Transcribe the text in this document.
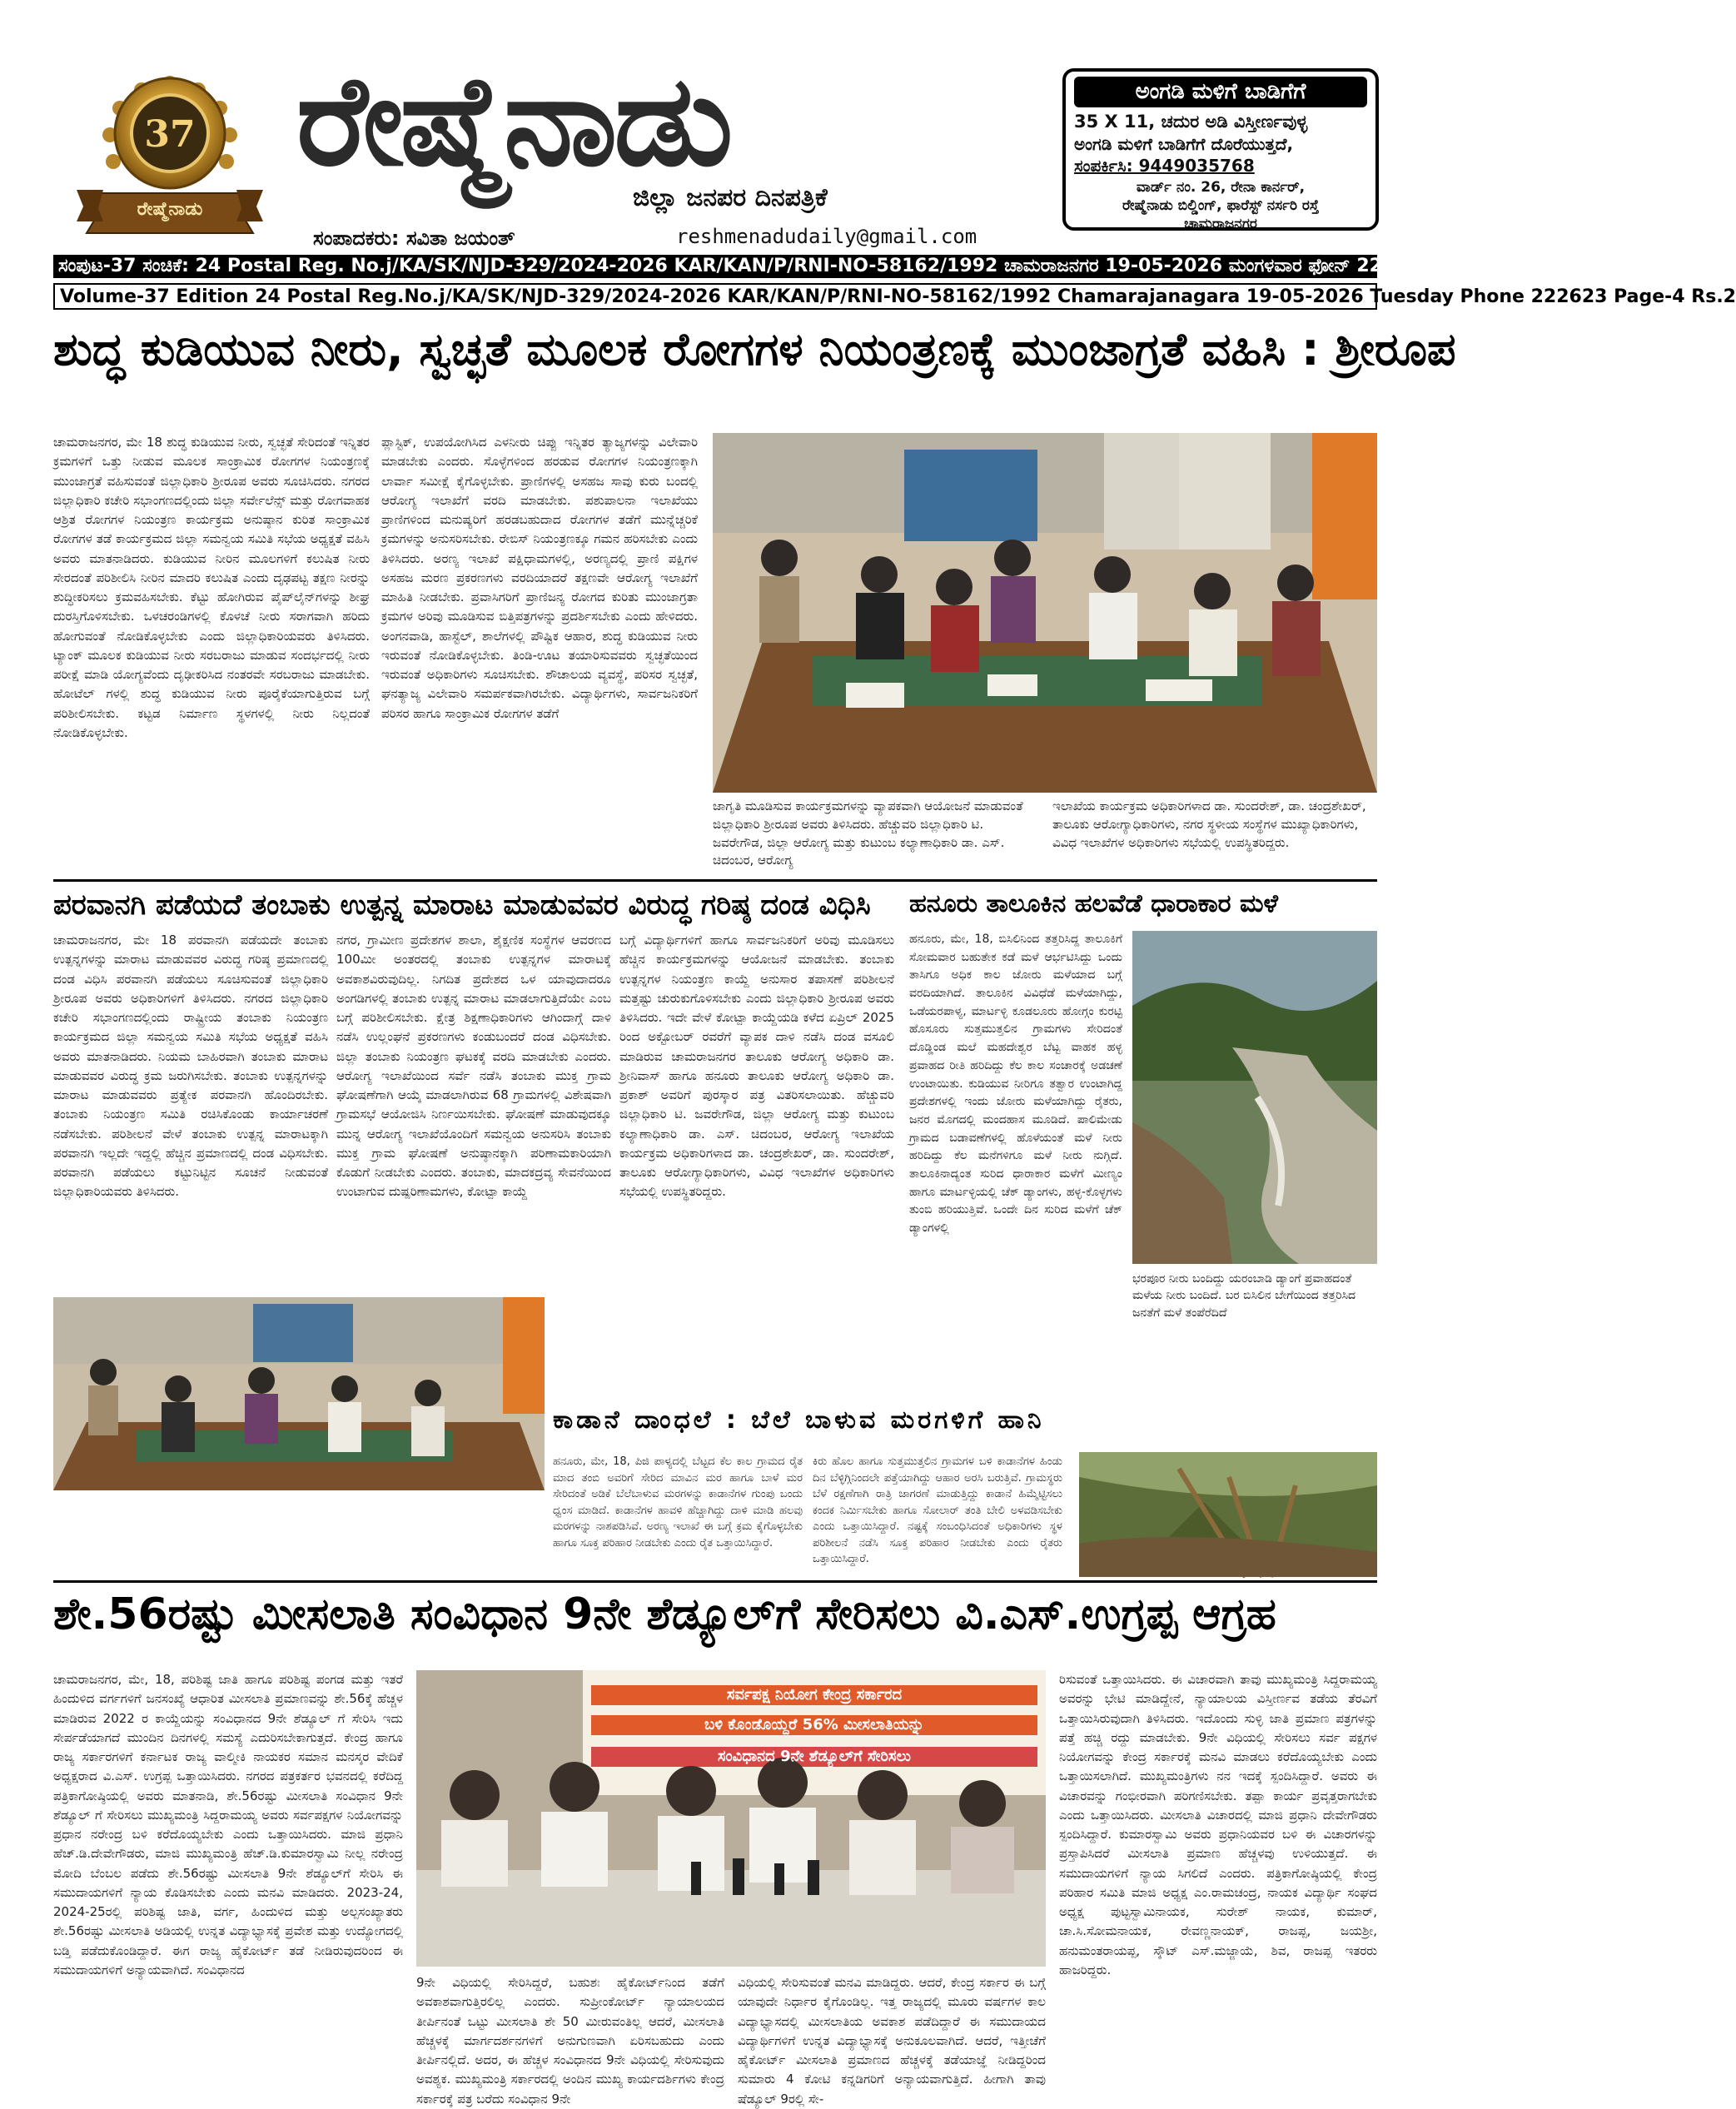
37
ರೇಷ್ಮೆನಾಡು
ರೇಷ್ಮೆನಾಡು
ಜಿಲ್ಲಾ ಜನಪರ ದಿನಪತ್ರಿಕೆ
ಸಂಪಾದಕರು: ಸವಿತಾ ಜಯಂತ್	reshmenadudaily@gmail.com
ಅಂಗಡಿ ಮಳಿಗೆ ಬಾಡಿಗೆಗೆ
35 X 11, ಚದುರ ಅಡಿ ವಿಸ್ತೀರ್ಣವುಳ್ಳ
ಅಂಗಡಿ ಮಳಿಗೆ ಬಾಡಿಗೆಗೆ ದೊರೆಯುತ್ತದೆ,
ಸಂಪರ್ಕಿಸಿ: 9449035768
ವಾರ್ಡ್ ನಂ. 26, ರೇನಾ ಕಾರ್ನರ್,
ರೇಷ್ಮೆನಾಡು ಬಿಲ್ಡಿಂಗ್, ಫಾರೆಸ್ಟ್ ನರ್ಸರಿ ರಸ್ತೆ
ಚಾಮರಾಜನಗರ
ಸಂಪುಟ-37 ಸಂಚಿಕೆ: 24 Postal Reg. No.j/KA/SK/NJD-329/2024-2026 KAR/KAN/P/RNI-NO-58162/1992 ಚಾಮರಾಜನಗರ 19-05-2026 ಮಂಗಳವಾರ ಫೋನ್ 222623, ಪುಟ-4 ರೂ. 2
Volume-37 Edition 24 Postal Reg.No.j/KA/SK/NJD-329/2024-2026 KAR/KAN/P/RNI-NO-58162/1992 Chamarajanagara 19-05-2026 Tuesday Phone 222623 Page-4 Rs.2
ಶುದ್ಧ ಕುಡಿಯುವ ನೀರು, ಸ್ವಚ್ಛತೆ ಮೂಲಕ ರೋಗಗಳ ನಿಯಂತ್ರಣಕ್ಕೆ ಮುಂಜಾಗ್ರತೆ ವಹಿಸಿ : ಶ್ರೀರೂಪ
ಚಾಮರಾಜನಗರ, ಮೇ 18 ಶುದ್ಧ ಕುಡಿಯುವ ನೀರು, ಸ್ವಚ್ಛತೆ ಸೇರಿದಂತೆ ಇನ್ನಿತರ ಕ್ರಮಗಳಿಗೆ ಒತ್ತು ನೀಡುವ ಮೂಲಕ ಸಾಂಕ್ರಾಮಿಕ ರೋಗಗಳ ನಿಯಂತ್ರಣಕ್ಕೆ ಮುಂಜಾಗ್ರತೆ ವಹಿಸುವಂತೆ ಜಿಲ್ಲಾಧಿಕಾರಿ ಶ್ರೀರೂಪ ಅವರು ಸೂಚಿಸಿದರು. ನಗರದ ಜಿಲ್ಲಾಧಿಕಾರಿ ಕಚೇರಿ ಸಭಾಂಗಣದಲ್ಲಿಂದು ಜಿಲ್ಲಾ ಸರ್ವೇಲೆನ್ಸ್ ಮತ್ತು ರೋಗವಾಹಕ ಆಶ್ರಿತ ರೋಗಗಳ ನಿಯಂತ್ರಣ ಕಾರ್ಯಕ್ರಮ ಅನುಷ್ಠಾನ ಕುರಿತ ಸಾಂಕ್ರಾಮಿಕ ರೋಗಗಳ ತಡೆ ಕಾರ್ಯಕ್ರಮದ ಜಿಲ್ಲಾ ಸಮನ್ವಯ ಸಮಿತಿ ಸಭೆಯ ಅಧ್ಯಕ್ಷತೆ ವಹಿಸಿ ಅವರು ಮಾತನಾಡಿದರು. ಕುಡಿಯುವ ನೀರಿನ ಮೂಲಗಳಿಗೆ ಕಲುಷಿತ ನೀರು ಸೇರದಂತೆ ಪರಿಶೀಲಿಸಿ ನೀರಿನ ಮಾದರಿ ಕಲುಷಿತ ಎಂದು ದೃಢಪಟ್ಟ ತಕ್ಷಣ ನೀರನ್ನು ಶುದ್ಧೀಕರಿಸಲು ಕ್ರಮವಹಿಸಬೇಕು. ಕೆಟ್ಟು ಹೋಗಿರುವ ಪೈಪ್‌ಲೈನ್‌ಗಳನ್ನು ಶೀಘ್ರ ದುರಸ್ತಿಗೊಳಿಸಬೇಕು. ಒಳಚರಂಡಿಗಳಲ್ಲಿ ಕೊಳಚೆ ನೀರು ಸರಾಗವಾಗಿ ಹರಿದು ಹೋಗುವಂತೆ ನೋಡಿಕೊಳ್ಳಬೇಕು ಎಂದು ಜಿಲ್ಲಾಧಿಕಾರಿಯವರು ತಿಳಿಸಿದರು. ಟ್ಯಾಂಕ್ ಮೂಲಕ ಕುಡಿಯುವ ನೀರು ಸರಬರಾಜು ಮಾಡುವ ಸಂದರ್ಭದಲ್ಲಿ ನೀರು ಪರೀಕ್ಷೆ ಮಾಡಿ ಯೋಗ್ಯವೆಂದು ದೃಢೀಕರಿಸಿದ ನಂತರವೇ ಸರಬರಾಜು ಮಾಡಬೇಕು. ಹೋಟೆಲ್ ಗಳಲ್ಲಿ ಶುದ್ಧ ಕುಡಿಯುವ ನೀರು ಪೂರೈಕೆಯಾಗುತ್ತಿರುವ ಬಗ್ಗೆ ಪರಿಶೀಲಿಸಬೇಕು. ಕಟ್ಟಡ ನಿರ್ಮಾಣ ಸ್ಥಳಗಳಲ್ಲಿ ನೀರು ನಿಲ್ಲದಂತೆ ನೋಡಿಕೊಳ್ಳಬೇಕು.
ಪ್ಲಾಸ್ಟಿಕ್, ಉಪಯೋಗಿಸಿದ ಎಳನೀರು ಚಿಪ್ಪು ಇನ್ನಿತರ ತ್ಯಾಜ್ಯಗಳನ್ನು ವಿಲೇವಾರಿ ಮಾಡಬೇಕು ಎಂದರು. ಸೊಳ್ಳೆಗಳಿಂದ ಹರಡುವ ರೋಗಗಳ ನಿಯಂತ್ರಣಕ್ಕಾಗಿ ಲಾರ್ವಾ ಸಮೀಕ್ಷೆ ಕೈಗೊಳ್ಳಬೇಕು. ಪ್ರಾಣಿಗಳಲ್ಲಿ ಅಸಹಜ ಸಾವು ಕುರು ಬಂದಲ್ಲಿ ಆರೋಗ್ಯ ಇಲಾಖೆಗೆ ವರದಿ ಮಾಡಬೇಕು. ಪಶುಪಾಲನಾ ಇಲಾಖೆಯು ಪ್ರಾಣಿಗಳಿಂದ ಮನುಷ್ಯರಿಗೆ ಹರಡಬಹುದಾದ ರೋಗಗಳ ತಡೆಗೆ ಮುನ್ನೆಚ್ಚರಿಕೆ ಕ್ರಮಗಳನ್ನು ಅನುಸರಿಸಬೇಕು. ರೇಬಿಸ್ ನಿಯಂತ್ರಣಕ್ಕೂ ಗಮನ ಹರಿಸಬೇಕು ಎಂದು ತಿಳಿಸಿದರು. ಅರಣ್ಯ ಇಲಾಖೆ ಪಕ್ಷಿಧಾಮಗಳಲ್ಲಿ, ಅರಣ್ಯದಲ್ಲಿ ಪ್ರಾಣಿ ಪಕ್ಷಿಗಳ ಅಸಹಜ ಮರಣ ಪ್ರಕರಣಗಳು ವರದಿಯಾದರೆ ತಕ್ಷಣವೇ ಆರೋಗ್ಯ ಇಲಾಖೆಗೆ ಮಾಹಿತಿ ನೀಡಬೇಕು. ಪ್ರವಾಸಿಗರಿಗೆ ಪ್ರಾಣಿಜನ್ಯ ರೋಗದ ಕುರಿತು ಮುಂಜಾಗ್ರತಾ ಕ್ರಮಗಳ ಅರಿವು ಮೂಡಿಸುವ ಬಿತ್ತಿಪತ್ರಗಳನ್ನು ಪ್ರದರ್ಶಿಸಬೇಕು ಎಂದು ಹೇಳಿದರು. ಅಂಗನವಾಡಿ, ಹಾಸ್ಟೆಲ್, ಶಾಲೆಗಳಲ್ಲಿ ಪೌಷ್ಟಿಕ ಆಹಾರ, ಶುದ್ಧ ಕುಡಿಯುವ ನೀರು ಇರುವಂತೆ ನೋಡಿಕೊಳ್ಳಬೇಕು. ತಿಂಡಿ-ಊಟ ತಯಾರಿಸುವವರು ಸ್ವಚ್ಛತೆಯಿಂದ ಇರುವಂತೆ ಅಧಿಕಾರಿಗಳು ಸೂಚಿಸಬೇಕು. ಶೌಚಾಲಯ ವ್ಯವಸ್ಥೆ, ಪರಿಸರ ಸ್ವಚ್ಛತೆ, ಘನತ್ಯಾಜ್ಯ ವಿಲೇವಾರಿ ಸಮರ್ಪಕವಾಗಿರಬೇಕು. ವಿದ್ಯಾರ್ಥಿಗಳು, ಸಾರ್ವಜನಿಕರಿಗೆ ಪರಿಸರ ಹಾಗೂ ಸಾಂಕ್ರಾಮಿಕ ರೋಗಗಳ ತಡೆಗೆ
ಜಾಗೃತಿ ಮೂಡಿಸುವ ಕಾರ್ಯಕ್ರಮಗಳನ್ನು ವ್ಯಾಪಕವಾಗಿ ಆಯೋಜನೆ ಮಾಡುವಂತೆ ಜಿಲ್ಲಾಧಿಕಾರಿ ಶ್ರೀರೂಪ ಅವರು ತಿಳಿಸಿದರು. ಹೆಚ್ಚುವರಿ ಜಿಲ್ಲಾಧಿಕಾರಿ ಟಿ. ಜವರೇಗೌಡ, ಜಿಲ್ಲಾ ಆರೋಗ್ಯ ಮತ್ತು ಕುಟುಂಬ ಕಲ್ಯಾಣಾಧಿಕಾರಿ ಡಾ. ಎಸ್. ಚಿದಂಬರ, ಆರೋಗ್ಯ
ಇಲಾಖೆಯ ಕಾರ್ಯಕ್ರಮ ಅಧಿಕಾರಿಗಳಾದ ಡಾ. ಸುಂದರೇಶ್, ಡಾ. ಚಂದ್ರಶೇಖರ್, ತಾಲೂಕು ಆರೋಗ್ಯಾಧಿಕಾರಿಗಳು, ನಗರ ಸ್ಥಳೀಯ ಸಂಸ್ಥೆಗಳ ಮುಖ್ಯಾಧಿಕಾರಿಗಳು, ವಿವಿಧ ಇಲಾಖೆಗಳ ಅಧಿಕಾರಿಗಳು ಸಭೆಯಲ್ಲಿ ಉಪಸ್ಥಿತರಿದ್ದರು.
ಪರವಾನಗಿ ಪಡೆಯದೆ ತಂಬಾಕು ಉತ್ಪನ್ನ ಮಾರಾಟ ಮಾಡುವವರ ವಿರುದ್ಧ ಗರಿಷ್ಠ ದಂಡ ವಿಧಿಸಿ
ಚಾಮರಾಜನಗರ, ಮೇ 18 ಪರವಾನಗಿ ಪಡೆಯದೇ ತಂಬಾಕು ಉತ್ಪನ್ನಗಳನ್ನು ಮಾರಾಟ ಮಾಡುವವರ ವಿರುದ್ಧ ಗರಿಷ್ಠ ಪ್ರಮಾಣದಲ್ಲಿ ದಂಡ ವಿಧಿಸಿ ಪರವಾನಗಿ ಪಡೆಯಲು ಸೂಚಿಸುವಂತೆ ಜಿಲ್ಲಾಧಿಕಾರಿ ಶ್ರೀರೂಪ ಅವರು ಅಧಿಕಾರಿಗಳಿಗೆ ತಿಳಿಸಿದರು. ನಗರದ ಜಿಲ್ಲಾಧಿಕಾರಿ ಕಚೇರಿ ಸಭಾಂಗಣದಲ್ಲಿಂದು ರಾಷ್ಟ್ರೀಯ ತಂಬಾಕು ನಿಯಂತ್ರಣ ಕಾರ್ಯಕ್ರಮದ ಜಿಲ್ಲಾ ಸಮನ್ವಯ ಸಮಿತಿ ಸಭೆಯ ಅಧ್ಯಕ್ಷತೆ ವಹಿಸಿ ಅವರು ಮಾತನಾಡಿದರು. ನಿಯಮ ಬಾಹಿರವಾಗಿ ತಂಬಾಕು ಮಾರಾಟ ಮಾಡುವವರ ವಿರುದ್ಧ ಕ್ರಮ ಜರುಗಿಸಬೇಕು. ತಂಬಾಕು ಉತ್ಪನ್ನಗಳನ್ನು ಮಾರಾಟ ಮಾಡುವವರು ಪ್ರತ್ಯೇಕ ಪರವಾನಗಿ ಹೊಂದಿರಬೇಕು. ತಂಬಾಕು ನಿಯಂತ್ರಣ ಸಮಿತಿ ರಚಿಸಿಕೊಂಡು ಕಾರ್ಯಾಚರಣೆ ನಡೆಸಬೇಕು. ಪರಿಶೀಲನೆ ವೇಳೆ ತಂಬಾಕು ಉತ್ಪನ್ನ ಮಾರಾಟಕ್ಕಾಗಿ ಪರವಾನಗಿ ಇಲ್ಲದೇ ಇದ್ದಲ್ಲಿ ಹೆಚ್ಚಿನ ಪ್ರಮಾಣದಲ್ಲಿ ದಂಡ ವಿಧಿಸಬೇಕು. ಪರವಾನಗಿ ಪಡೆಯಲು ಕಟ್ಟುನಿಟ್ಟಿನ ಸೂಚನೆ ನೀಡುವಂತೆ ಜಿಲ್ಲಾಧಿಕಾರಿಯವರು ತಿಳಿಸಿದರು.
ನಗರ, ಗ್ರಾಮೀಣ ಪ್ರದೇಶಗಳ ಶಾಲಾ, ಶೈಕ್ಷಣಿಕ ಸಂಸ್ಥೆಗಳ ಆವರಣದ 100ಮೀ ಅಂತರದಲ್ಲಿ ತಂಬಾಕು ಉತ್ಪನ್ನಗಳ ಮಾರಾಟಕ್ಕೆ ಅವಕಾಶವಿರುವುದಿಲ್ಲ. ನಿಗದಿತ ಪ್ರದೇಶದ ಒಳ ಯಾವುದಾದರೂ ಅಂಗಡಿಗಳಲ್ಲಿ ತಂಬಾಕು ಉತ್ಪನ್ನ ಮಾರಾಟ ಮಾಡಲಾಗುತ್ತಿದೆಯೇ ಎಂಬ ಬಗ್ಗೆ ಪರಿಶೀಲಿಸಬೇಕು. ಕ್ಷೇತ್ರ ಶಿಕ್ಷಣಾಧಿಕಾರಿಗಳು ಆಗಿಂದಾಗ್ಗೆ ದಾಳಿ ನಡೆಸಿ ಉಲ್ಲಂಘನೆ ಪ್ರಕರಣಗಳು ಕಂಡುಬಂದರೆ ದಂಡ ವಿಧಿಸಬೇಕು. ಜಿಲ್ಲಾ ತಂಬಾಕು ನಿಯಂತ್ರಣ ಘಟಕಕ್ಕೆ ವರದಿ ಮಾಡಬೇಕು ಎಂದರು. ಆರೋಗ್ಯ ಇಲಾಖೆಯಿಂದ ಸರ್ವೆ ನಡೆಸಿ ತಂಬಾಕು ಮುಕ್ತ ಗ್ರಾಮ ಘೋಷಣೆಗಾಗಿ ಆಯ್ಕೆ ಮಾಡಲಾಗಿರುವ 68 ಗ್ರಾಮಗಳಲ್ಲಿ ವಿಶೇಷವಾಗಿ ಗ್ರಾಮಸಭೆ ಆಯೋಜಿಸಿ ನಿರ್ಣಯಿಸಬೇಕು. ಘೋಷಣೆ ಮಾಡುವುದಕ್ಕೂ ಮುನ್ನ ಆರೋಗ್ಯ ಇಲಾಖೆಯೊಂದಿಗೆ ಸಮನ್ವಯ ಅನುಸರಿಸಿ ತಂಬಾಕು ಮುಕ್ತ ಗ್ರಾಮ ಘೋಷಣೆ ಅನುಷ್ಠಾನಕ್ಕಾಗಿ ಪರಿಣಾಮಕಾರಿಯಾಗಿ ಕೊಡುಗೆ ನೀಡಬೇಕು ಎಂದರು. ತಂಬಾಕು, ಮಾದಕದ್ರವ್ಯ ಸೇವನೆಯಿಂದ ಉಂಟಾಗುವ ದುಷ್ಪರಿಣಾಮಗಳು, ಕೋಟ್ಪಾ ಕಾಯ್ದೆ
ಬಗ್ಗೆ ವಿದ್ಯಾರ್ಥಿಗಳಿಗೆ ಹಾಗೂ ಸಾರ್ವಜನಿಕರಿಗೆ ಅರಿವು ಮೂಡಿಸಲು ಹೆಚ್ಚಿನ ಕಾರ್ಯಕ್ರಮಗಳನ್ನು ಆಯೋಜನೆ ಮಾಡಬೇಕು. ತಂಬಾಕು ಉತ್ಪನ್ನಗಳ ನಿಯಂತ್ರಣ ಕಾಯ್ದೆ ಅನುಸಾರ ತಪಾಸಣೆ ಪರಿಶೀಲನೆ ಮತ್ತಷ್ಟು ಚುರುಕುಗೊಳಿಸಬೇಕು ಎಂದು ಜಿಲ್ಲಾಧಿಕಾರಿ ಶ್ರೀರೂಪ ಅವರು ತಿಳಿಸಿದರು. ಇದೇ ವೇಳೆ ಕೋಟ್ಪಾ ಕಾಯ್ದೆಯಡಿ ಕಳೆದ ಏಪ್ರಿಲ್ 2025 ರಿಂದ ಅಕ್ಟೋಬರ್ ರವರೆಗೆ ವ್ಯಾಪಕ ದಾಳಿ ನಡೆಸಿ ದಂಡ ವಸೂಲಿ ಮಾಡಿರುವ ಚಾಮರಾಜನಗರ ತಾಲೂಕು ಆರೋಗ್ಯ ಅಧಿಕಾರಿ ಡಾ. ಶ್ರೀನಿವಾಸ್ ಹಾಗೂ ಹನೂರು ತಾಲೂಕು ಆರೋಗ್ಯ ಅಧಿಕಾರಿ ಡಾ. ಪ್ರಕಾಶ್ ಅವರಿಗೆ ಪುರಸ್ಕಾರ ಪತ್ರ ವಿತರಿಸಲಾಯಿತು. ಹೆಚ್ಚುವರಿ ಜಿಲ್ಲಾಧಿಕಾರಿ ಟಿ. ಜವರೇಗೌಡ, ಜಿಲ್ಲಾ ಆರೋಗ್ಯ ಮತ್ತು ಕುಟುಂಬ ಕಲ್ಯಾಣಾಧಿಕಾರಿ ಡಾ. ಎಸ್. ಚಿದಂಬರ, ಆರೋಗ್ಯ ಇಲಾಖೆಯ ಕಾರ್ಯಕ್ರಮ ಅಧಿಕಾರಿಗಳಾದ ಡಾ. ಚಂದ್ರಶೇಖರ್, ಡಾ. ಸುಂದರೇಶ್, ತಾಲೂಕು ಆರೋಗ್ಯಾಧಿಕಾರಿಗಳು, ವಿವಿಧ ಇಲಾಖೆಗಳ ಅಧಿಕಾರಿಗಳು ಸಭೆಯಲ್ಲಿ ಉಪಸ್ಥಿತರಿದ್ದರು.
ಹನೂರು ತಾಲೂಕಿನ ಹಲವೆಡೆ ಧಾರಾಕಾರ ಮಳೆ
ಹನೂರು, ಮೇ, 18, ಬಿಸಿಲಿನಿಂದ ತತ್ತರಿಸಿದ್ದ ತಾಲೂಕಿಗೆ ಸೋಮವಾರ ಬಹುತೇಕ ಕಡೆ ಮಳೆ ಆರ್ಭಟಿಸಿದ್ದು ಒಂದು ತಾಸಿಗೂ ಅಧಿಕ ಕಾಲ ಜೋರು ಮಳೆಯಾದ ಬಗ್ಗೆ ವರದಿಯಾಗಿದೆ. ತಾಲೂಕಿನ ವಿವಿಧೆಡೆ ಮಳೆಯಾಗಿದ್ದು, ಒಡೆಯರಪಾಳ್ಯ, ಮಾರ್ಟಳ್ಳಿ ಕೂಡಲೂರು ಹೋಗ್ಗಂ ಕುರಟ್ಟಿ ಹೊಸೂರು ಸುತ್ತಮುತ್ತಲಿನ ಗ್ರಾಮಗಳು ಸೇರಿದಂತೆ ದೊಡ್ಡಿಂಡ ಮಲೆ ಮಹದೇಶ್ವರ ಬೆಟ್ಟ ವಾಹಕ ಹಳ್ಳ ಪ್ರವಾಹದ ರೀತಿ ಹರಿದಿದ್ದು ಕೆಲ ಕಾಲ ಸಂಚಾರಕ್ಕೆ ಅಡಚಣೆ ಉಂಟಾಯಿತು. ಕುಡಿಯುವ ನೀರಿಗೂ ತತ್ವಾರ ಉಂಟಾಗಿದ್ದ ಪ್ರದೇಶಗಳಲ್ಲಿ ಇಂದು ಜೋರು ಮಳೆಯಾಗಿದ್ದು ರೈತರು, ಜನರ ಮೊಗದಲ್ಲಿ ಮಂದಹಾಸ ಮೂಡಿದೆ. ಪಾಲಿಮೇಡು ಗ್ರಾಮದ ಬಡಾವಣೆಗಳಲ್ಲಿ ಹೊಳೆಯಂತೆ ಮಳೆ ನೀರು ಹರಿದಿದ್ದು ಕೆಲ ಮನೆಗಳಿಗೂ ಮಳೆ ನೀರು ನುಗ್ಗಿದೆ. ತಾಲೂಕಿನಾದ್ಯಂತ ಸುರಿದ ಧಾರಾಕಾರ ಮಳೆಗೆ ಮೀಣ್ಯಂ ಹಾಗೂ ಮಾರ್ಟಳ್ಳಿಯಲ್ಲಿ ಚೆಕ್ ಡ್ಯಾಂಗಳು, ಹಳ್ಳ-ಕೊಳ್ಳಗಳು ತುಂಬಿ ಹರಿಯುತ್ತಿವೆ. ಒಂದೇ ದಿನ ಸುರಿದ ಮಳೆಗೆ ಚೆಕ್ ಡ್ಯಾಂಗಳಲ್ಲಿ
ಭರಪೂರ ನೀರು ಬಂದಿದ್ದು ಯರಂಬಾಡಿ ಡ್ಯಾಂಗೆ ಪ್ರವಾಹದಂತೆ ಮಳೆಯ ನೀರು ಬಂದಿದೆ. ಬರ ಬಿಸಿಲಿನ ಬೇಗೆಯಿಂದ ತತ್ತರಿಸಿದ ಜನತೆಗೆ ಮಳೆ ತಂಪೆರೆದಿದೆ
ಕಾಡಾನೆ ದಾಂಧಲೆ : ಬೆಲೆ ಬಾಳುವ ಮರಗಳಿಗೆ ಹಾನಿ
ಹನೂರು, ಮೇ, 18, ಪಿಜಿ ಪಾಳ್ಯದಲ್ಲಿ ಬೆಟ್ಟದ ಕೆಲ ಕಾಲ ಗ್ರಾಮದ ರೈತ ಮಾದ ತಂಬಿ ಅವರಿಗೆ ಸೇರಿದ ಮಾವಿನ ಮರ ಹಾಗೂ ಬಾಳೆ ಮರ ಸೇರಿದಂತೆ ಅಡಿಕೆ ಬೆಲೆಬಾಳುವ ಮರಗಳನ್ನು ಕಾಡಾನೆಗಳ ಗುಂಪು ಬಂದು ಧ್ವಂಸ ಮಾಡಿದೆ. ಕಾಡಾನೆಗಳ ಹಾವಳಿ ಹೆಚ್ಚಾಗಿದ್ದು ದಾಳಿ ಮಾಡಿ ಹಲವು ಮರಗಳನ್ನು ನಾಶಪಡಿಸಿವೆ. ಅರಣ್ಯ ಇಲಾಖೆ ಈ ಬಗ್ಗೆ ಕ್ರಮ ಕೈಗೊಳ್ಳಬೇಕು ಹಾಗೂ ಸೂಕ್ತ ಪರಿಹಾರ ನೀಡಬೇಕು ಎಂದು ರೈತ ಒತ್ತಾಯಿಸಿದ್ದಾರೆ.
ಕಿರು ಹೊಲ ಹಾಗೂ ಸುತ್ತಮುತ್ತಲಿನ ಗ್ರಾಮಗಳ ಬಳಿ ಕಾಡಾನೆಗಳ ಹಿಂಡು ದಿನ ಬೆಳ್ಳಿಗ್ಗಿನಿಂದಲೇ ಪತ್ತೆಯಾಗಿದ್ದು ಆಹಾರ ಅರಸಿ ಬರುತ್ತಿವೆ. ಗ್ರಾಮಸ್ಥರು ಬೆಳೆ ರಕ್ಷಣೆಗಾಗಿ ರಾತ್ರಿ ಜಾಗರಣೆ ಮಾಡುತ್ತಿದ್ದು ಕಾಡಾನೆ ಹಿಮ್ಮೆಟ್ಟಿಸಲು ಕಂದಕ ನಿರ್ಮಿಸಬೇಕು ಹಾಗೂ ಸೋಲಾರ್ ತಂತಿ ಬೇಲಿ ಅಳವಡಿಸಬೇಕು ಎಂದು ಒತ್ತಾಯಿಸಿದ್ದಾರೆ. ನಷ್ಟಕ್ಕೆ ಸಂಬಂಧಿಸಿದಂತೆ ಅಧಿಕಾರಿಗಳು ಸ್ಥಳ ಪರಿಶೀಲನೆ ನಡೆಸಿ ಸೂಕ್ತ ಪರಿಹಾರ ನೀಡಬೇಕು ಎಂದು ರೈತರು ಒತ್ತಾಯಿಸಿದ್ದಾರೆ.
ಶೇ.56ರಷ್ಟು ಮೀಸಲಾತಿ ಸಂವಿಧಾನ 9ನೇ ಶೆಡ್ಯೂಲ್‌ಗೆ ಸೇರಿಸಲು ವಿ.ಎಸ್.ಉಗ್ರಪ್ಪ ಆಗ್ರಹ
ಚಾಮರಾಜನಗರ, ಮೇ, 18, ಪರಿಶಿಷ್ಟ ಜಾತಿ ಹಾಗೂ ಪರಿಶಿಷ್ಟ ಪಂಗಡ ಮತ್ತು ಇತರೆ ಹಿಂದುಳಿದ ವರ್ಗಗಳಿಗೆ ಜನಸಂಖ್ಯೆ ಆಧಾರಿತ ಮೀಸಲಾತಿ ಪ್ರಮಾಣವನ್ನು ಶೇ.56ಕ್ಕೆ ಹೆಚ್ಚಳ ಮಾಡಿರುವ 2022 ರ ಕಾಯ್ದೆಯನ್ನು ಸಂವಿಧಾನದ 9ನೇ ಶೆಡ್ಯೂಲ್ ಗೆ ಸೇರಿಸಿ ಇದು ಸೇರ್ಪಡೆಯಾಗದೆ ಮುಂದಿನ ದಿನಗಳಲ್ಲಿ ಸಮಸ್ಯೆ ಎದುರಿಸಬೇಕಾಗುತ್ತದೆ. ಕೇಂದ್ರ ಹಾಗೂ ರಾಜ್ಯ ಸರ್ಕಾರಗಳಿಗೆ ಕರ್ನಾಟಕ ರಾಜ್ಯ ವಾಲ್ಮೀಕಿ ನಾಯಕರ ಸಮಾನ ಮನಸ್ಕರ ವೇದಿಕೆ ಅಧ್ಯಕ್ಷರಾದ ವಿ.ಎಸ್. ಉಗ್ರಪ್ಪ ಒತ್ತಾಯಿಸಿದರು. ನಗರದ ಪತ್ರಕರ್ತರ ಭವನದಲ್ಲಿ ಕರೆದಿದ್ದ ಪತ್ರಿಕಾಗೋಷ್ಠಿಯಲ್ಲಿ ಅವರು ಮಾತನಾಡಿ, ಶೇ.56ರಷ್ಟು ಮೀಸಲಾತಿ ಸಂವಿಧಾನ 9ನೇ ಶೆಡ್ಯೂಲ್ ಗೆ ಸೇರಿಸಲು ಮುಖ್ಯಮಂತ್ರಿ ಸಿದ್ದರಾಮಯ್ಯ ಅವರು ಸರ್ವಪಕ್ಷಗಳ ನಿಯೋಗವನ್ನು ಪ್ರಧಾನ ನರೇಂದ್ರ ಬಳಿ ಕರೆದೊಯ್ಯಬೇಕು ಎಂದು ಒತ್ತಾಯಿಸಿದರು. ಮಾಜಿ ಪ್ರಧಾನಿ ಹೆಚ್.ಡಿ.ದೇವೇಗೌಡರು, ಮಾಜಿ ಮುಖ್ಯಮಂತ್ರಿ ಹೆಚ್.ಡಿ.ಕುಮಾರಸ್ವಾಮಿ ನೀಲ್ಲ ನರೇಂದ್ರ ಮೋದಿ ಬೆಂಬಲ ಪಡೆದು ಶೇ.56ರಷ್ಟು ಮೀಸಲಾತಿ 9ನೇ ಶೆಡ್ಯೂಲ್‌ಗೆ ಸೇರಿಸಿ ಈ ಸಮುದಾಯಗಳಿಗೆ ನ್ಯಾಯ ಕೊಡಿಸಬೇಕು ಎಂದು ಮನವಿ ಮಾಡಿದರು. 2023-24, 2024-25ರಲ್ಲಿ ಪರಿಶಿಷ್ಟ ಜಾತಿ, ವರ್ಗ, ಹಿಂದುಳಿದ ಮತ್ತು ಅಲ್ಪಸಂಖ್ಯಾತರು ಶೇ.56ರಷ್ಟು ಮೀಸಲಾತಿ ಅಡಿಯಲ್ಲಿ ಉನ್ನತ ವಿದ್ಯಾಭ್ಯಾಸಕ್ಕೆ ಪ್ರವೇಶ ಮತ್ತು ಉದ್ಯೋಗದಲ್ಲಿ ಬಡ್ತಿ ಪಡೆದುಕೊಂಡಿದ್ದಾರೆ. ಈಗ ರಾಜ್ಯ ಹೈಕೋರ್ಟ್ ತಡೆ ನೀಡಿರುವುದರಿಂದ ಈ ಸಮುದಾಯಗಳಿಗೆ ಅನ್ಯಾಯವಾಗಿದೆ. ಸಂವಿಧಾನದ
ಸರ್ವಪಕ್ಷ ನಿಯೋಗ ಕೇಂದ್ರ ಸರ್ಕಾರದ
ಬಳಿ ಕೊಂಡೊಯ್ದರೆ 56% ಮೀಸಲಾತಿಯನ್ನು
ಸಂವಿಧಾನದ 9ನೇ ಶೆಡ್ಯೂಲ್‌ಗೆ ಸೇರಿಸಲು
9ನೇ ವಿಧಿಯಲ್ಲಿ ಸೇರಿಸಿದ್ದರೆ, ಬಹುಶಃ ಹೈಕೋರ್ಟ್‌ನಿಂದ ತಡೆಗೆ ಅವಕಾಶವಾಗುತ್ತಿರಲಿಲ್ಲ ಎಂದರು. ಸುಪ್ರೀಂಕೋರ್ಟ್ ನ್ಯಾಯಾಲಯದ ತೀರ್ಪಿನಂತೆ ಒಟ್ಟು ಮೀಸಲಾತಿ ಶೇ 50 ಮೀರುವಂತಿಲ್ಲ ಆದರೆ, ಮೀಸಲಾತಿ ಹೆಚ್ಚಳಕ್ಕೆ ಮಾರ್ಗದರ್ಶನಗಳಿಗೆ ಅನುಗುಣವಾಗಿ ಏರಿಸಬಹುದು ಎಂದು ತೀರ್ಪಿನಲ್ಲಿದೆ. ಅದರ, ಈ ಹೆಚ್ಚಳ ಸಂವಿಧಾನದ 9ನೇ ವಿಧಿಯಲ್ಲಿ ಸೇರಿಸುವುದು ಅವಶ್ಯಕ. ಮುಖ್ಯಮಂತ್ರಿ ಸರ್ಕಾರದಲ್ಲಿ ಅಂದಿನ ಮುಖ್ಯ ಕಾರ್ಯದರ್ಶಿಗಳು ಕೇಂದ್ರ ಸರ್ಕಾರಕ್ಕೆ ಪತ್ರ ಬರೆದು ಸಂವಿಧಾನ 9ನೇ
ವಿಧಿಯಲ್ಲಿ ಸೇರಿಸುವಂತೆ ಮನವಿ ಮಾಡಿದ್ದರು. ಆದರೆ, ಕೇಂದ್ರ ಸರ್ಕಾರ ಈ ಬಗ್ಗೆ ಯಾವುದೇ ನಿರ್ಧಾರ ಕೈಗೊಂಡಿಲ್ಲ. ಇತ್ತ ರಾಜ್ಯದಲ್ಲಿ ಮೂರು ವರ್ಷಗಳ ಕಾಲ ವಿದ್ಯಾಭ್ಯಾಸದಲ್ಲಿ ಮೀಸಲಾತಿಯ ಅವಕಾಶ ಪಡೆದಿದ್ದಾರೆ ಈ ಸಮುದಾಯದ ವಿದ್ಯಾರ್ಥಿಗಳಿಗೆ ಉನ್ನತ ವಿದ್ಯಾಭ್ಯಾಸಕ್ಕೆ ಅನುಕೂಲವಾಗಿದೆ. ಆದರೆ, ಇತ್ತೀಚೆಗೆ ಹೈಕೋರ್ಟ್ ಮೀಸಲಾತಿ ಪ್ರಮಾಣದ ಹೆಚ್ಚಳಕ್ಕೆ ತಡೆಯಾಜ್ಞೆ ನೀಡಿದ್ದರಿಂದ ಸುಮಾರು 4 ಕೋಟಿ ಕನ್ನಡಿಗರಿಗೆ ಅನ್ಯಾಯವಾಗುತ್ತಿದೆ. ಹೀಗಾಗಿ ತಾವು ಷೆಡ್ಯೂಲ್ 9ರಲ್ಲಿ ಸೇ-
ರಿಸುವಂತೆ ಒತ್ತಾಯಿಸಿದರು. ಈ ವಿಚಾರವಾಗಿ ತಾವು ಮುಖ್ಯಮಂತ್ರಿ ಸಿದ್ದರಾಮಯ್ಯ ಅವರನ್ನು ಭೇಟಿ ಮಾಡಿದ್ದೇನೆ, ನ್ಯಾಯಾಲಯ ವಿಸ್ತೀರ್ಣವ ತಡೆಯ ತೆರವಿಗೆ ಒತ್ತಾಯಿಸಿರುವುದಾಗಿ ತಿಳಿಸಿದರು. ಇದೊಂದು ಸುಳ್ಳಿ ಜಾತಿ ಪ್ರಮಾಣ ಪತ್ರಗಳನ್ನು ಪತ್ತೆ ಹಚ್ಚಿ ರದ್ದು ಮಾಡಬೇಕು. 9ನೇ ವಿಧಿಯಲ್ಲಿ ಸೇರಿಸಲು ಸರ್ವ ಪಕ್ಷಗಳ ನಿಯೋಗವನ್ನು ಕೇಂದ್ರ ಸರ್ಕಾರಕ್ಕೆ ಮನವಿ ಮಾಡಲು ಕರೆದೊಯ್ಯಬೇಕು ಎಂದು ಒತ್ತಾಯಿಸಲಾಗಿದೆ. ಮುಖ್ಯಮಂತ್ರಿಗಳು ನನ ಇದಕ್ಕೆ ಸ್ಪಂದಿಸಿದ್ದಾರೆ. ಅವರು ಈ ವಿಚಾರವನ್ನು ಗಂಭೀರವಾಗಿ ಪರಿಗಣಿಸಬೇಕು. ತಪ್ಪಾ ಕಾರ್ಯ ಪ್ರವೃತ್ತರಾಗಬೇಕು ಎಂದು ಒತ್ತಾಯಿಸಿದರು. ಮೀಸಲಾತಿ ವಿಚಾರದಲ್ಲಿ ಮಾಜಿ ಪ್ರಧಾನಿ ದೇವೇಗೌಡರು ಸ್ಪಂದಿಸಿದ್ದಾರೆ. ಕುಮಾರಸ್ವಾಮಿ ಅವರು ಪ್ರಧಾನಿಯವರ ಬಳಿ ಈ ವಿಚಾರಗಳನ್ನು ಪ್ರಸ್ತಾಪಿಸಿದರೆ ಮೀಸಲಾತಿ ಪ್ರಮಾಣ ಹೆಚ್ಚಳವು ಉಳಿಯುತ್ತದೆ. ಈ ಸಮುದಾಯಗಳಿಗೆ ನ್ಯಾಯ ಸಿಗಲಿದೆ ಎಂದರು. ಪತ್ರಿಕಾಗೋಷ್ಠಿಯಲ್ಲಿ ಕೇಂದ್ರ ಪರಿಹಾರ ಸಮಿತಿ ಮಾಜಿ ಅಧ್ಯಕ್ಷ ಎಂ.ರಾಮಚಂದ್ರ, ನಾಯಕ ವಿದ್ಯಾರ್ಥಿ ಸಂಘದ ಅಧ್ಯಕ್ಷ ಪುಟ್ಟಸ್ವಾಮಿನಾಯಕ, ಸುರೇಶ್ ನಾಯಕ, ಕುಮಾರ್, ಚಾ.ಸಿ.ಸೋಮನಾಯಕ, ರೇವಣ್ಣನಾಯಕ್, ರಾಜಪ್ಪ, ಜಯಶ್ರೀ, ಹನುಮಂತರಾಯಪ್ಪ, ಸ್ಕೌಟ್ ಎಸ್.ಮಜ್ಜಾಯೆ, ಶಿವ, ರಾಜಪ್ಪ ಇತರರು ಹಾಜರಿದ್ದರು.
